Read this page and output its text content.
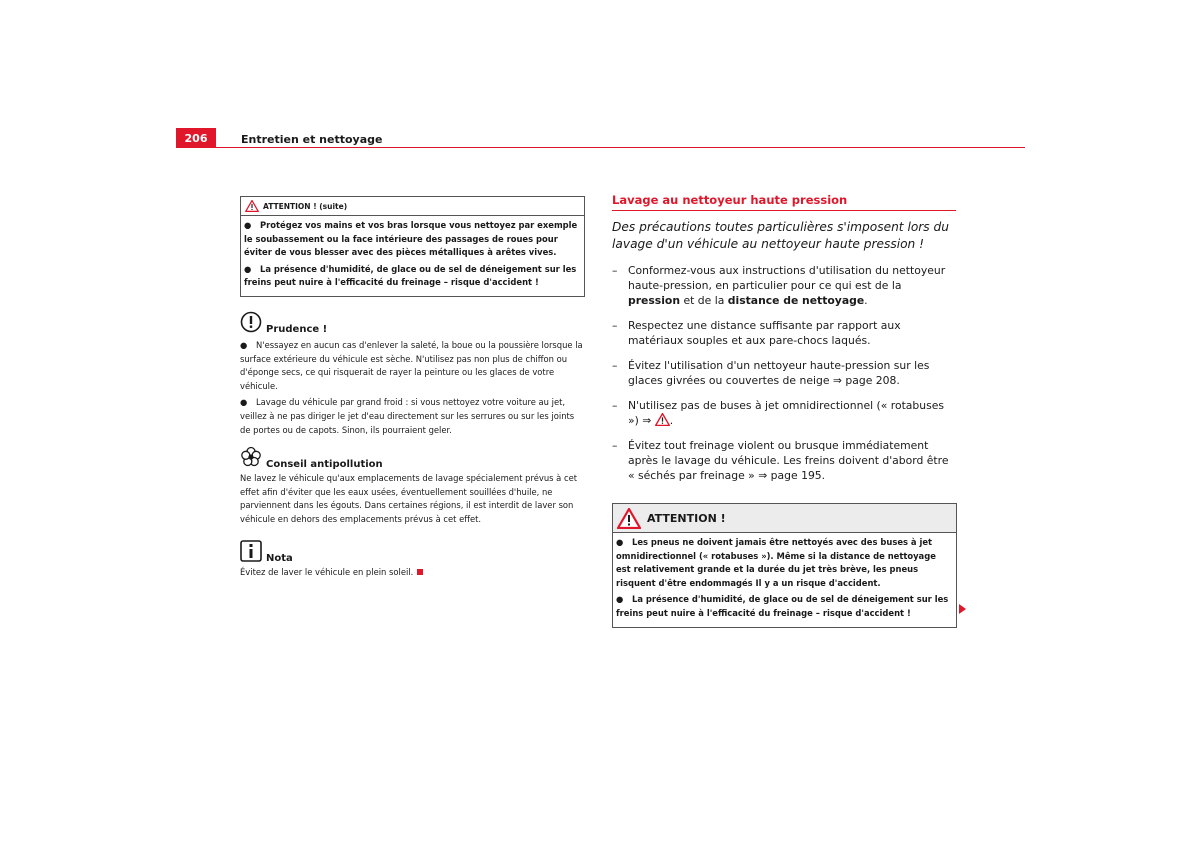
206	Entretien et nettoyage
ATTENTION ! (suite)

● Protégez vos mains et vos bras lorsque vous nettoyez par exemple le soubassement ou la face intérieure des passages de roues pour éviter de vous blesser avec des pièces métalliques à arêtes vives.

● La présence d'humidité, de glace ou de sel de déneigement sur les freins peut nuire à l'efficacité du freinage – risque d'accident !

Prudence !

● N'essayez en aucun cas d'enlever la saleté, la boue ou la poussière lorsque la surface extérieure du véhicule est sèche. N'utilisez pas non plus de chiffon ou d'éponge secs, ce qui risquerait de rayer la peinture ou les glaces de votre véhicule.

● Lavage du véhicule par grand froid : si vous nettoyez votre voiture au jet, veillez à ne pas diriger le jet d'eau directement sur les serrures ou sur les joints de portes ou de capots. Sinon, ils pourraient geler.

Conseil antipollution
Ne lavez le véhicule qu'aux emplacements de lavage spécialement prévus à cet effet afin d'éviter que les eaux usées, éventuellement souillées d'huile, ne parviennent dans les égouts. Dans certaines régions, il est interdit de laver son véhicule en dehors des emplacements prévus à cet effet.
Nota
Évitez de laver le véhicule en plein soleil.
Lavage au nettoyeur haute pression
Des précautions toutes particulières s'imposent lors du lavage d'un véhicule au nettoyeur haute pression !
– Conformez-vous aux instructions d'utilisation du nettoyeur haute-pression, en particulier pour ce qui est de la pression et de la distance de nettoyage.
– Respectez une distance suffisante par rapport aux matériaux souples et aux pare-chocs laqués.
– Évitez l'utilisation d'un nettoyeur haute-pression sur les glaces givrées ou couvertes de neige ⇒ page 208.
– N'utilisez pas de buses à jet omnidirectionnel (« rotabuses ») ⇒ .
– Évitez tout freinage violent ou brusque immédiatement après le lavage du véhicule. Les freins doivent d'abord être « séchés par freinage » ⇒ page 195.
ATTENTION !

● Les pneus ne doivent jamais être nettoyés avec des buses à jet omnidirectionnel (« rotabuses »). Même si la distance de nettoyage est relativement grande et la durée du jet très brève, les pneus risquent d'être endommagés Il y a un risque d'accident.

● La présence d'humidité, de glace ou de sel de déneigement sur les freins peut nuire à l'efficacité du freinage – risque d'accident !
